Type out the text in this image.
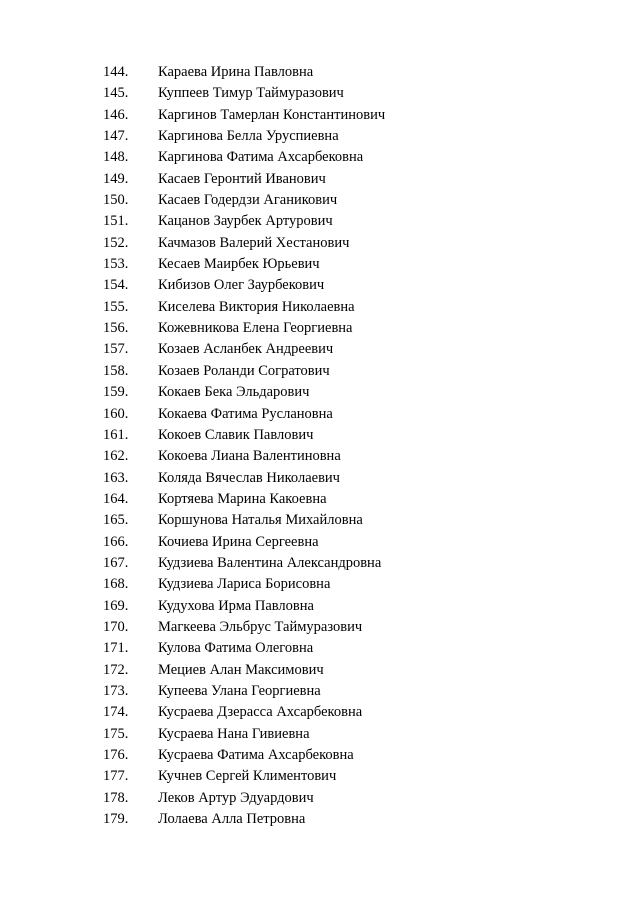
144. Караева Ирина Павловна
145. Куппеев Тимур Таймуразович
146. Каргинов Тамерлан Константинович
147. Каргинова Белла Уруспиевна
148. Каргинова Фатима Ахсарбековна
149. Касаев Геронтий Иванович
150. Касаев Годердзи Аганикович
151. Кацанов Заурбек Артурович
152. Качмазов Валерий Хестанович
153. Кесаев Маирбек Юрьевич
154. Кибизов Олег Заурбекович
155. Киселева Виктория Николаевна
156. Кожевникова Елена Георгиевна
157. Козаев Асланбек Андреевич
158. Козаев Роланди Согратович
159. Кокаев Бека Эльдарович
160. Кокаева Фатима Руслановна
161. Кокоев Славик Павлович
162. Кокоева Лиана Валентиновна
163. Коляда Вячеслав Николаевич
164. Кортяева Марина Какоевна
165. Коршунова Наталья Михайловна
166. Кочиева Ирина Сергеевна
167. Кудзиева Валентина Александровна
168. Кудзиева Лариса Борисовна
169. Кудухова Ирма Павловна
170. Магкеева Эльбрус Таймуразович
171. Кулова Фатима Олеговна
172. Мециев Алан Максимович
173. Купеева Улана Георгиевна
174. Кусраева Дзерасса Ахсарбековна
175. Кусраева Нана Гивиевна
176. Кусраева Фатима Ахсарбековна
177. Кучнев Сергей Климентович
178. Леков Артур Эдуардович
179. Лолаева Алла Петровна
